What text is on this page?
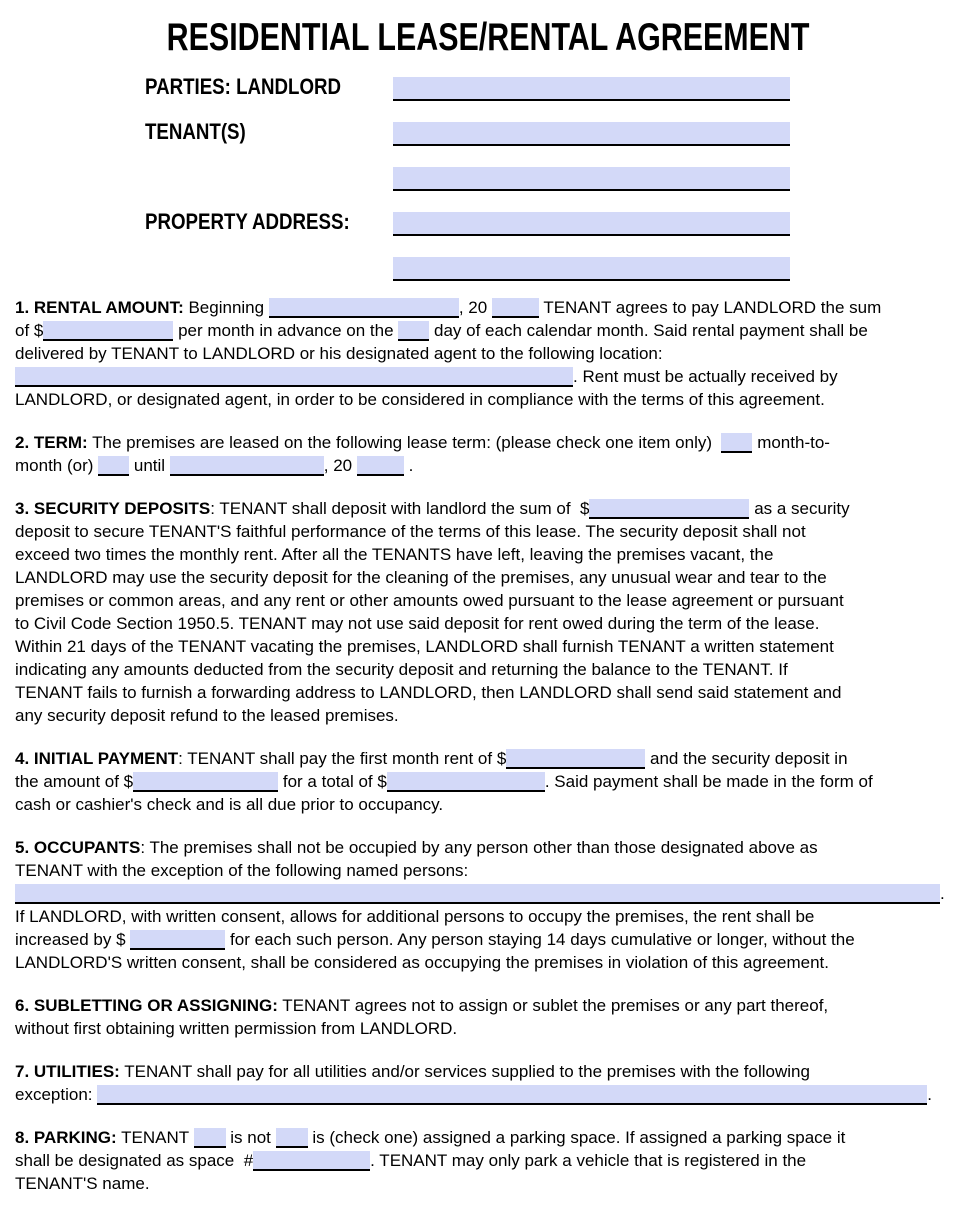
RESIDENTIAL LEASE/RENTAL AGREEMENT
PARTIES: LANDLORD
TENANT(S)
PROPERTY ADDRESS:
1. RENTAL AMOUNT: Beginning	, 20	TENANT agrees to pay LANDLORD the sum
of $	per month in advance on the  day of each calendar month. Said rental payment shall be
delivered by TENANT to LANDLORD or his designated agent to the following location:
. Rent must be actually received by
LANDLORD, or designated agent, in order to be considered in compliance with the terms of this agreement.
2. TERM: The premises are leased on the following lease term: (please check one item only)   month-to-
month (or)  until	, 20	.
3. SECURITY DEPOSITS: TENANT shall deposit with landlord the sum of  $	as a security
deposit to secure TENANT'S faithful performance of the terms of this lease. The security deposit shall not
exceed two times the monthly rent. After all the TENANTS have left, leaving the premises vacant, the
LANDLORD may use the security deposit for the cleaning of the premises, any unusual wear and tear to the
premises or common areas, and any rent or other amounts owed pursuant to the lease agreement or pursuant
to Civil Code Section 1950.5. TENANT may not use said deposit for rent owed during the term of the lease.
Within 21 days of the TENANT vacating the premises, LANDLORD shall furnish TENANT a written statement
indicating any amounts deducted from the security deposit and returning the balance to the TENANT. If
TENANT fails to furnish a forwarding address to LANDLORD, then LANDLORD shall send said statement and
any security deposit refund to the leased premises.
4. INITIAL PAYMENT: TENANT shall pay the first month rent of $	and the security deposit in
the amount of $	for a total of $	. Said payment shall be made in the form of
cash or cashier's check and is all due prior to occupancy.
5. OCCUPANTS: The premises shall not be occupied by any person other than those designated above as
TENANT with the exception of the following named persons:
.
If LANDLORD, with written consent, allows for additional persons to occupy the premises, the rent shall be
increased by $	for each such person. Any person staying 14 days cumulative or longer, without the
LANDLORD'S written consent, shall be considered as occupying the premises in violation of this agreement.
6. SUBLETTING OR ASSIGNING: TENANT agrees not to assign or sublet the premises or any part thereof,
without first obtaining written permission from LANDLORD.
7. UTILITIES: TENANT shall pay for all utilities and/or services supplied to the premises with the following
exception:	.
8. PARKING: TENANT  is not  is (check one) assigned a parking space. If assigned a parking space it
shall be designated as space  #	. TENANT may only park a vehicle that is registered in the
TENANT'S name.
